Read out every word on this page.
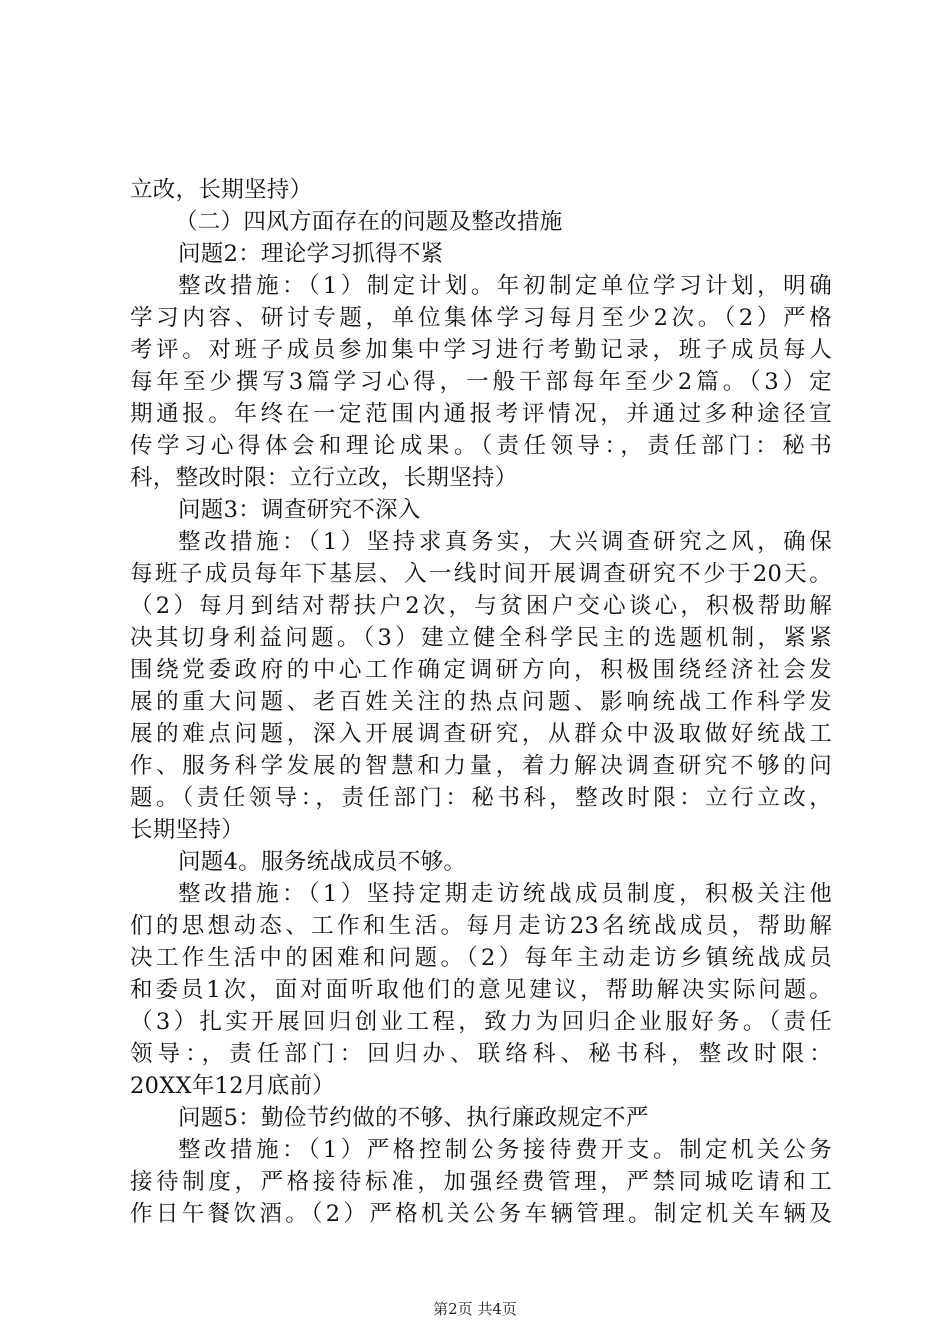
立改，长期坚持）
（二）四风方面存在的问题及整改措施
问题2：理论学习抓得不紧
整改措施：（1）制定计划。年初制定单位学习计划，明确
学习内容、研讨专题，单位集体学习每月至少2次。（2）严格
考评。对班子成员参加集中学习进行考勤记录，班子成员每人
每年至少撰写3篇学习心得，一般干部每年至少2篇。（3）定
期通报。年终在一定范围内通报考评情况，并通过多种途径宣
传学习心得体会和理论成果。（责任领导：，责任部门：秘书
科，整改时限：立行立改，长期坚持）
问题3：调查研究不深入
整改措施：（1）坚持求真务实，大兴调查研究之风，确保
每班子成员每年下基层、入一线时间开展调查研究不少于20天。
（2）每月到结对帮扶户2次，与贫困户交心谈心，积极帮助解
决其切身利益问题。（3）建立健全科学民主的选题机制，紧紧
围绕党委政府的中心工作确定调研方向，积极围绕经济社会发
展的重大问题、老百姓关注的热点问题、影响统战工作科学发
展的难点问题，深入开展调查研究，从群众中汲取做好统战工
作、服务科学发展的智慧和力量，着力解决调查研究不够的问
题。（责任领导：，责任部门：秘书科，整改时限：立行立改，
长期坚持）
问题4。服务统战成员不够。
整改措施：（1）坚持定期走访统战成员制度，积极关注他
们的思想动态、工作和生活。每月走访23名统战成员，帮助解
决工作生活中的困难和问题。（2）每年主动走访乡镇统战成员
和委员1次，面对面听取他们的意见建议，帮助解决实际问题。
（3）扎实开展回归创业工程，致力为回归企业服好务。（责任
领导：，责任部门：回归办、联络科、秘书科，整改时限：
20XX年12月底前）
问题5：勤俭节约做的不够、执行廉政规定不严
整改措施：（1）严格控制公务接待费开支。制定机关公务
接待制度，严格接待标准，加强经费管理，严禁同城吃请和工
作日午餐饮酒。（2）严格机关公务车辆管理。制定机关车辆及
第2页 共4页
